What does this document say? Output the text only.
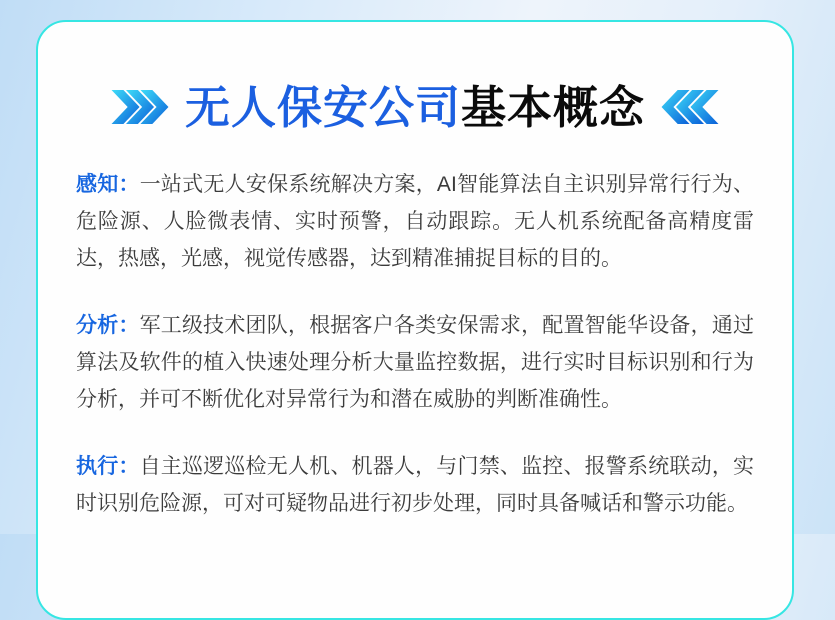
无人保安公司基本概念

感知：一站式无人安保系统解决方案，AI智能算法自主识别异常行行为、危险源、人脸微表情、实时预警，自动跟踪。无人机系统配备高精度雷达，热感，光感，视觉传感器，达到精准捕捉目标的目的。

分析：军工级技术团队，根据客户各类安保需求，配置智能华设备，通过算法及软件的植入快速处理分析大量监控数据，进行实时目标识别和行为分析，并可不断优化对异常行为和潜在威胁的判断准确性。

执行：自主巡逻巡检无人机、机器人，与门禁、监控、报警系统联动，实时识别危险源，可对可疑物品进行初步处理，同时具备喊话和警示功能。
